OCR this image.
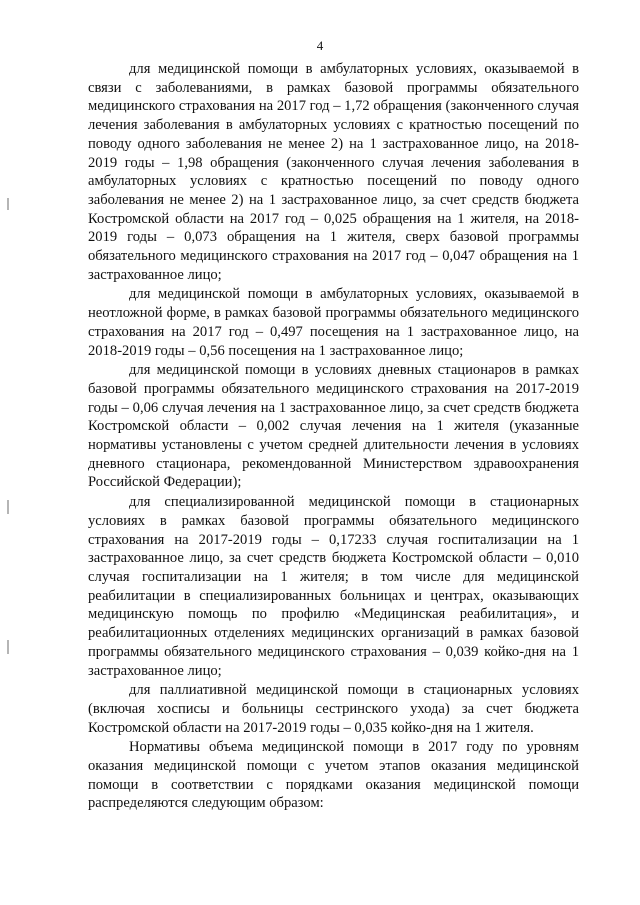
4

для медицинской помощи в амбулаторных условиях, оказываемой в связи с заболеваниями, в рамках базовой программы обязательного медицинского страхования на 2017 год – 1,72 обращения (законченного случая лечения заболевания в амбулаторных условиях с кратностью посещений по поводу одного заболевания не менее 2) на 1 застрахованное лицо, на 2018-2019 годы – 1,98 обращения (законченного случая лечения заболевания в амбулаторных условиях с кратностью посещений по поводу одного заболевания не менее 2) на 1 застрахованное лицо, за счет средств бюджета Костромской области на 2017 год – 0,025 обращения на 1 жителя, на 2018-2019 годы – 0,073 обращения на 1 жителя, сверх базовой программы обязательного медицинского страхования на 2017 год – 0,047 обращения на 1 застрахованное лицо;

для медицинской помощи в амбулаторных условиях, оказываемой в неотложной форме, в рамках базовой программы обязательного медицинского страхования на 2017 год – 0,497 посещения на 1 застрахованное лицо, на 2018-2019 годы – 0,56 посещения на 1 застрахованное лицо;

для медицинской помощи в условиях дневных стационаров в рамках базовой программы обязательного медицинского страхования на 2017-2019 годы – 0,06 случая лечения на 1 застрахованное лицо, за счет средств бюджета Костромской области – 0,002 случая лечения на 1 жителя (указанные нормативы установлены с учетом средней длительности лечения в условиях дневного стационара, рекомендованной Министерством здравоохранения Российской Федерации);

для специализированной медицинской помощи в стационарных условиях в рамках базовой программы обязательного медицинского страхования на 2017-2019 годы – 0,17233 случая госпитализации на 1 застрахованное лицо, за счет средств бюджета Костромской области – 0,010 случая госпитализации на 1 жителя; в том числе для медицинской реабилитации в специализированных больницах и центрах, оказывающих медицинскую помощь по профилю «Медицинская реабилитация», и реабилитационных отделениях медицинских организаций в рамках базовой программы обязательного медицинского страхования – 0,039 койко-дня на 1 застрахованное лицо;

для паллиативной медицинской помощи в стационарных условиях (включая хосписы и больницы сестринского ухода) за счет бюджета Костромской области на 2017-2019 годы – 0,035 койко-дня на 1 жителя.

Нормативы объема медицинской помощи в 2017 году по уровням оказания медицинской помощи с учетом этапов оказания медицинской помощи в соответствии с порядками оказания медицинской помощи распределяются следующим образом:
